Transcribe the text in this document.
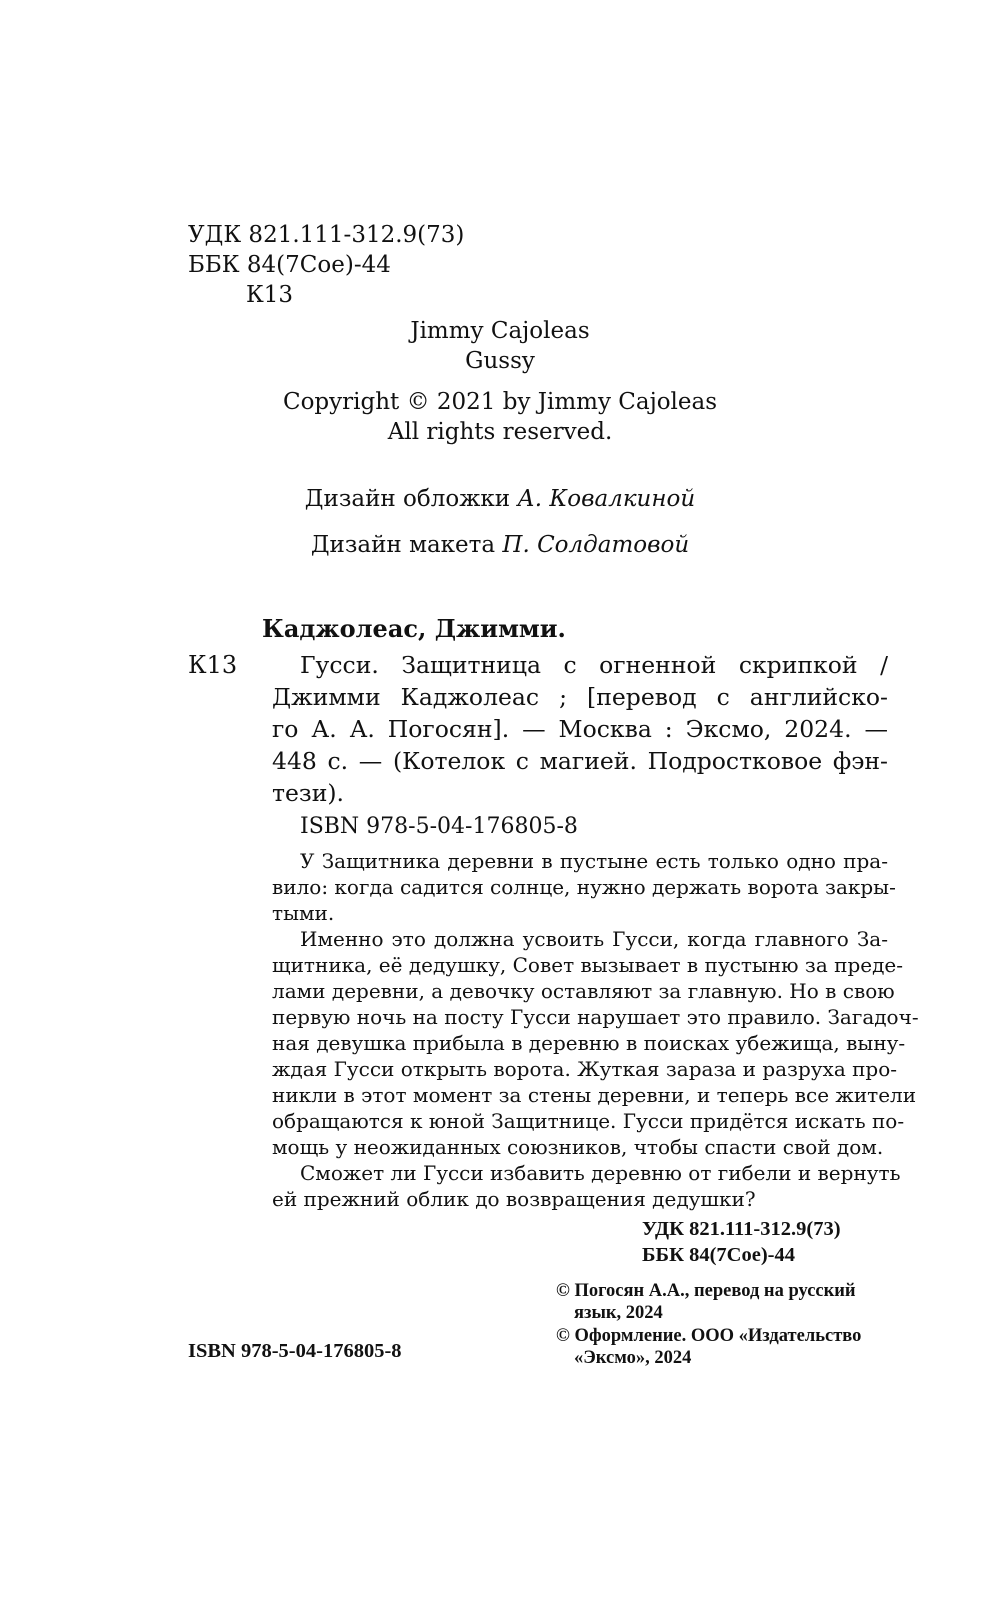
УДК 821.111-312.9(73)
ББК 84(7Сое)-44
К13
Jimmy Cajoleas
Gussy
Copyright © 2021 by Jimmy Cajoleas
All rights reserved.
Дизайн обложки А. Ковалкиной
Дизайн макета П. Солдатовой
Каджолеас, Джимми.
К13	Гусси. Защитница с огненной скрипкой /
Джимми Каджолеас ; [перевод с английско-
го А. А. Погосян]. — Москва : Эксмо, 2024. —
448 с. — (Котелок с магией. Подростковое фэн-
тези).
ISBN 978-5-04-176805-8
У Защитника деревни в пустыне есть только одно пра-
вило: когда садится солнце, нужно держать ворота закры-
тыми.
Именно это должна усвоить Гусси, когда главного За-
щитника, её дедушку, Совет вызывает в пустыню за преде-
лами деревни, а девочку оставляют за главную. Но в свою
первую ночь на посту Гусси нарушает это правило. Загадоч-
ная девушка прибыла в деревню в поисках убежища, выну-
ждая Гусси открыть ворота. Жуткая зараза и разруха про-
никли в этот момент за стены деревни, и теперь все жители
обращаются к юной Защитнице. Гусси придётся искать по-
мощь у неожиданных союзников, чтобы спасти свой дом.
Сможет ли Гусси избавить деревню от гибели и вернуть
ей прежний облик до возвращения дедушки?
УДК 821.111-312.9(73)
ББК 84(7Сое)-44
© Погосян А.А., перевод на русский
язык, 2024
© Оформление. ООО «Издательство
«Эксмо», 2024
ISBN 978-5-04-176805-8
